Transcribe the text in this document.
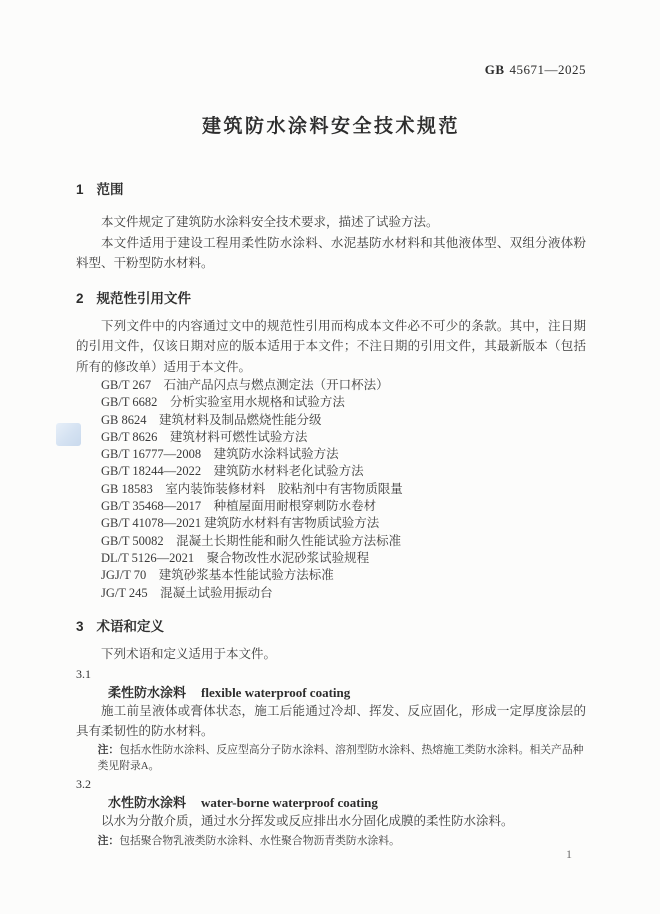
GB 45671—2025
建筑防水涂料安全技术规范
1 范围

本文件规定了建筑防水涂料安全技术要求，描述了试验方法。

本文件适用于建设工程用柔性防水涂料、水泥基防水材料和其他液体型、双组分液体粉料型、干粉型防水材料。

2 规范性引用文件

下列文件中的内容通过文中的规范性引用而构成本文件必不可少的条款。其中，注日期的引用文件，仅该日期对应的版本适用于本文件；不注日期的引用文件，其最新版本（包括所有的修改单）适用于本文件。

GB/T 267　石油产品闪点与燃点测定法（开口杯法）
GB/T 6682　分析实验室用水规格和试验方法
GB 8624　建筑材料及制品燃烧性能分级
GB/T 8626　建筑材料可燃性试验方法
GB/T 16777—2008　建筑防水涂料试验方法
GB/T 18244—2022　建筑防水材料老化试验方法
GB 18583　室内装饰装修材料　胶粘剂中有害物质限量
GB/T 35468—2017　种植屋面用耐根穿刺防水卷材
GB/T 41078—2021 建筑防水材料有害物质试验方法
GB/T 50082　混凝土长期性能和耐久性能试验方法标准
DL/T 5126—2021　聚合物改性水泥砂浆试验规程
JGJ/T 70　建筑砂浆基本性能试验方法标准
JG/T 245　混凝土试验用振动台
3 术语和定义

下列术语和定义适用于本文件。

3.1
柔性防水涂料 flexible waterproof coating

施工前呈液体或膏体状态，施工后能通过冷却、挥发、反应固化，形成一定厚度涂层的具有柔韧性的防水材料。

注：包括水性防水涂料、反应型高分子防水涂料、溶剂型防水涂料、热熔施工类防水涂料。相关产品种类见附录A。

3.2
水性防水涂料 water-borne waterproof coating

以水为分散介质，通过水分挥发或反应排出水分固化成膜的柔性防水涂料。

注：包括聚合物乳液类防水涂料、水性聚合物沥青类防水涂料。

1
